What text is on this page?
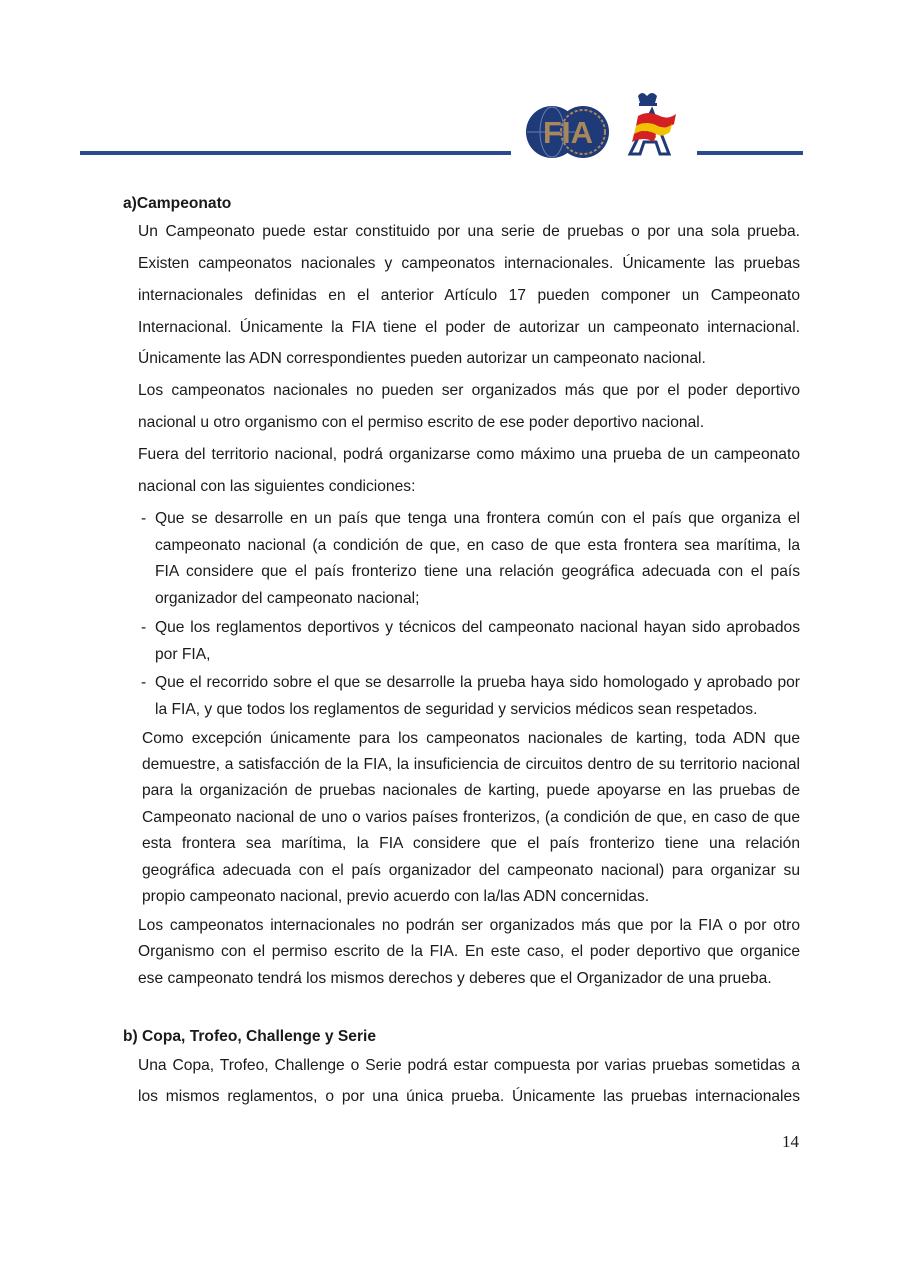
FIA
a)Campeonato
Un Campeonato puede estar constituido por una serie de pruebas o por una sola prueba.
Existen campeonatos nacionales y campeonatos internacionales. Únicamente las pruebas
internacionales definidas en el anterior Artículo 17 pueden componer un Campeonato
Internacional. Únicamente la FIA tiene el poder de autorizar un campeonato internacional.
Únicamente las ADN correspondientes pueden autorizar un campeonato nacional.
Los campeonatos nacionales no pueden ser organizados más que por el poder deportivo
nacional u otro organismo con el permiso escrito de ese poder deportivo nacional.
Fuera del territorio nacional, podrá organizarse como máximo una prueba de un campeonato
nacional con las siguientes condiciones:
- Que se desarrolle en un país que tenga una frontera común con el país que organiza el
campeonato nacional (a condición de que, en caso de que esta frontera sea marítima, la
FIA considere que el país fronterizo tiene una relación geográfica adecuada con el país
organizador del campeonato nacional;
- Que los reglamentos deportivos y técnicos del campeonato nacional hayan sido aprobados
por FIA,
- Que el recorrido sobre el que se desarrolle la prueba haya sido homologado y aprobado por
la FIA, y que todos los reglamentos de seguridad y servicios médicos sean respetados.
Como excepción únicamente para los campeonatos nacionales de karting, toda ADN que
demuestre, a satisfacción de la FIA, la insuficiencia de circuitos dentro de su territorio nacional
para la organización de pruebas nacionales de karting, puede apoyarse en las pruebas de
Campeonato nacional de uno o varios países fronterizos, (a condición de que, en caso de que
esta frontera sea marítima, la FIA considere que el país fronterizo tiene una relación
geográfica adecuada con el país organizador del campeonato nacional) para organizar su
propio campeonato nacional, previo acuerdo con la/las ADN concernidas.
Los campeonatos internacionales no podrán ser organizados más que por la FIA o por otro
Organismo con el permiso escrito de la FIA. En este caso, el poder deportivo que organice
ese campeonato tendrá los mismos derechos y deberes que el Organizador de una prueba.
b) Copa, Trofeo, Challenge y Serie
Una Copa, Trofeo, Challenge o Serie podrá estar compuesta por varias pruebas sometidas a
los mismos reglamentos, o por una única prueba. Únicamente las pruebas internacionales
14
